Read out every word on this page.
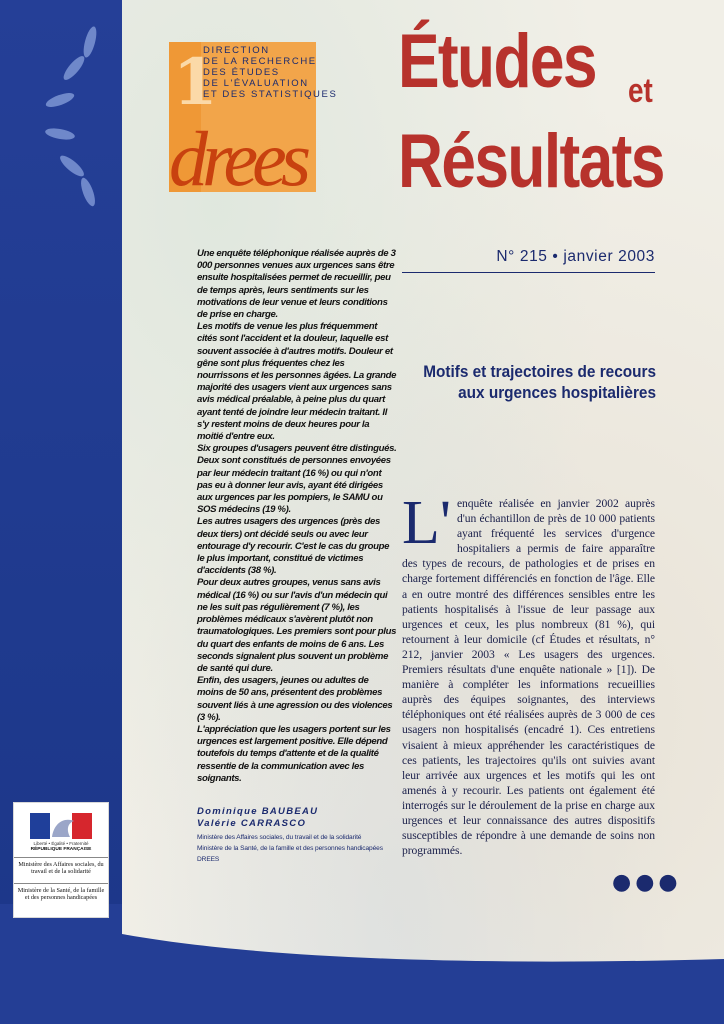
1
drees
DIRECTION
DE LA RECHERCHE
DES ÉTUDES
DE L'ÉVALUATION
ET DES STATISTIQUES Études et
Résultats
N° 215 • janvier 2003
Motifs et trajectoires de recours aux urgences hospitalières

Une enquête téléphonique réalisée auprès de 3 000 personnes venues aux urgences sans être ensuite hospitalisées permet de recueillir, peu de temps après, leurs sentiments sur les motivations de leur venue et leurs conditions de prise en charge.

Les motifs de venue les plus fréquemment cités sont l'accident et la douleur, laquelle est souvent associée à d'autres motifs. Douleur et gêne sont plus fréquentes chez les nourrissons et les personnes âgées. La grande majorité des usagers vient aux urgences sans avis médical préalable, à peine plus du quart ayant tenté de joindre leur médecin traitant. Il s'y restent moins de deux heures pour la moitié d'entre eux.

Six groupes d'usagers peuvent être distingués. Deux sont constitués de personnes envoyées par leur médecin traitant (16 %) ou qui n'ont pas eu à donner leur avis, ayant été dirigées aux urgences par les pompiers, le SAMU ou SOS médecins (19 %).

Les autres usagers des urgences (près des deux tiers) ont décidé seuls ou avec leur entourage d'y recourir. C'est le cas du groupe le plus important, constitué de victimes d'accidents (38 %).

Pour deux autres groupes, venus sans avis médical (16 %) ou sur l'avis d'un médecin qui ne les suit pas régulièrement (7 %), les problèmes médicaux s'avèrent plutôt non traumatologiques. Les premiers sont pour plus du quart des enfants de moins de 6 ans. Les seconds signalent plus souvent un problème de santé qui dure.

Enfin, des usagers, jeunes ou adultes de moins de 50 ans, présentent des problèmes souvent liés à une agression ou des violences (3 %).

L'appréciation que les usagers portent sur les urgences est largement positive. Elle dépend toutefois du temps d'attente et de la qualité ressentie de la communication avec les soignants.

Dominique BAUBEAU
Valérie CARRASCO
Ministère des Affaires sociales, du travail et de la solidarité
Ministère de la Santé, de la famille et des personnes handicapées
DREES
L' enquête réalisée en janvier 2002 auprès d'un échantillon de près de 10 000 patients ayant fréquenté les services d'urgence hospitaliers a permis de faire apparaître des types de recours, de pathologies et de prises en charge fortement différenciés en fonction de l'âge. Elle a en outre montré des différences sensibles entre les patients hospitalisés à l'issue de leur passage aux urgences et ceux, les plus nombreux (81 %), qui retournent à leur domicile (cf Études et résultats, n° 212, janvier 2003 « Les usagers des urgences. Premiers résultats d'une enquête nationale » [1]). De manière à compléter les informations recueillies auprès des équipes soignantes, des interviews téléphoniques ont été réalisées auprès de 3 000 de ces usagers non hospitalisés (encadré 1). Ces entretiens visaient à mieux appréhender les caractéristiques de ces patients, les trajectoires qu'ils ont suivies avant leur arrivée aux urgences et les motifs qui les ont amenés à y recourir. Les patients ont également été interrogés sur le déroulement de la prise en charge aux urgences et leur connaissance des autres dispositifs susceptibles de répondre à une demande de soins non programmés.
●●●
Liberté • Égalité • Fraternité
RÉPUBLIQUE FRANÇAISE
Ministère des Affaires sociales, du travail et de la solidarité
Ministère de la Santé, de la famille et des personnes handicapées
